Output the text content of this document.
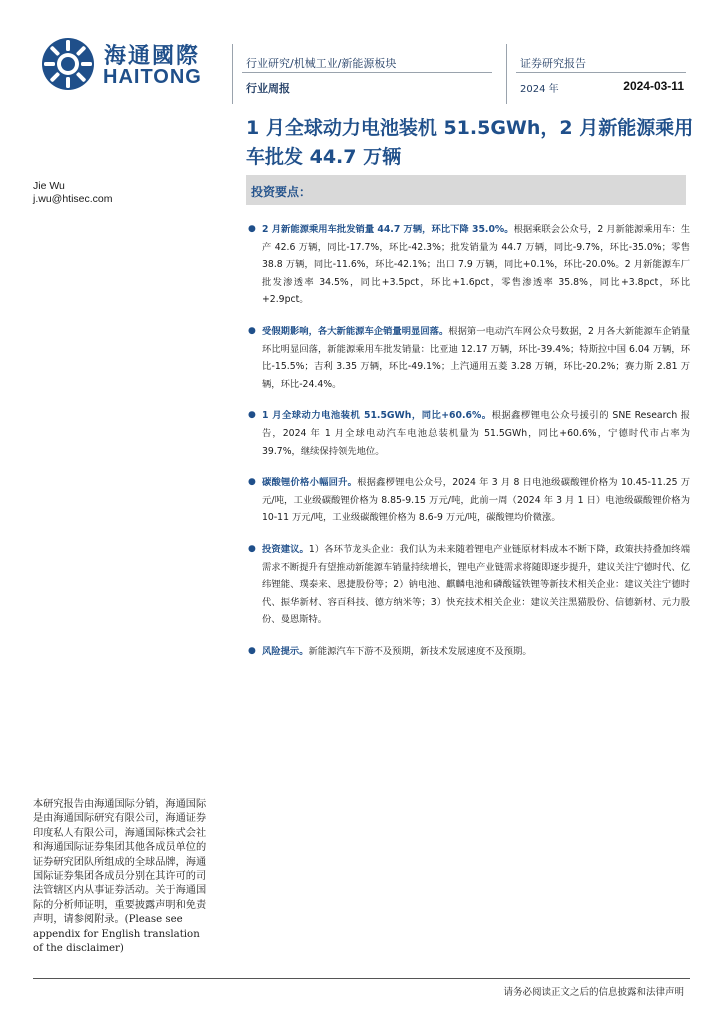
海通國際
HAITONG
行业研究/机械工业/新能源板块
行业周报
证券研究报告
2024 年	2024-03-11
1 月全球动力电池装机 51.5GWh，2 月新能源乘用车批发 44.7 万辆
Jie Wu
j.wu@htisec.com	投资要点：
● 2 月新能源乘用车批发销量 44.7 万辆，环比下降 35.0%。根据乘联会公众号，2 月新能源乘用车：生产 42.6 万辆，同比-17.7%，环比-42.3%；批发销量为 44.7 万辆，同比-9.7%，环比-35.0%；零售 38.8 万辆，同比-11.6%，环比-42.1%；出口 7.9 万辆，同比+0.1%，环比-20.0%。2 月新能源车厂批发渗透率 34.5%，同比+3.5pct，环比+1.6pct，零售渗透率 35.8%，同比+3.8pct，环比+2.9pct。
● 受假期影响，各大新能源车企销量明显回落。根据第一电动汽车网公众号数据，2 月各大新能源车企销量环比明显回落，新能源乘用车批发销量：比亚迪 12.17 万辆，环比-39.4%；特斯拉中国 6.04 万辆，环比-15.5%；吉利 3.35 万辆，环比-49.1%；上汽通用五菱 3.28 万辆，环比-20.2%；赛力斯 2.81 万辆，环比-24.4%。
● 1 月全球动力电池装机 51.5GWh，同比+60.6%。根据鑫椤锂电公众号援引的 SNE Research 报告，2024 年 1 月全球电动汽车电池总装机量为 51.5GWh，同比+60.6%，宁德时代市占率为 39.7%，继续保持领先地位。
● 碳酸锂价格小幅回升。根据鑫椤锂电公众号，2024 年 3 月 8 日电池级碳酸锂价格为 10.45-11.25 万元/吨，工业级碳酸锂价格为 8.85-9.15 万元/吨，此前一周（2024 年 3 月 1 日）电池级碳酸锂价格为 10-11 万元/吨，工业级碳酸锂价格为 8.6-9 万元/吨，碳酸锂均价微涨。
● 投资建议。1）各环节龙头企业：我们认为未来随着锂电产业链原材料成本不断下降，政策扶持叠加终端需求不断提升有望推动新能源车销量持续增长，锂电产业链需求将随即逐步提升，建议关注宁德时代、亿纬锂能、璞泰来、恩捷股份等；2）钠电池、麒麟电池和磷酸锰铁锂等新技术相关企业：建议关注宁德时代、振华新材、容百科技、德方纳米等；3）快充技术相关企业：建议关注黑猫股份、信德新材、元力股份、曼恩斯特。
● 风险提示。新能源汽车下游不及预期，新技术发展速度不及预期。
本研究报告由海通国际分销，海通国际是由海通国际研究有限公司，海通证券印度私人有限公司，海通国际株式会社和海通国际证券集团其他各成员单位的证券研究团队所组成的全球品牌，海通国际证券集团各成员分别在其许可的司法管辖区内从事证券活动。关于海通国际的分析师证明，重要披露声明和免责声明，请参阅附录。(Please see appendix for English translation of the disclaimer)
请务必阅读正文之后的信息披露和法律声明
